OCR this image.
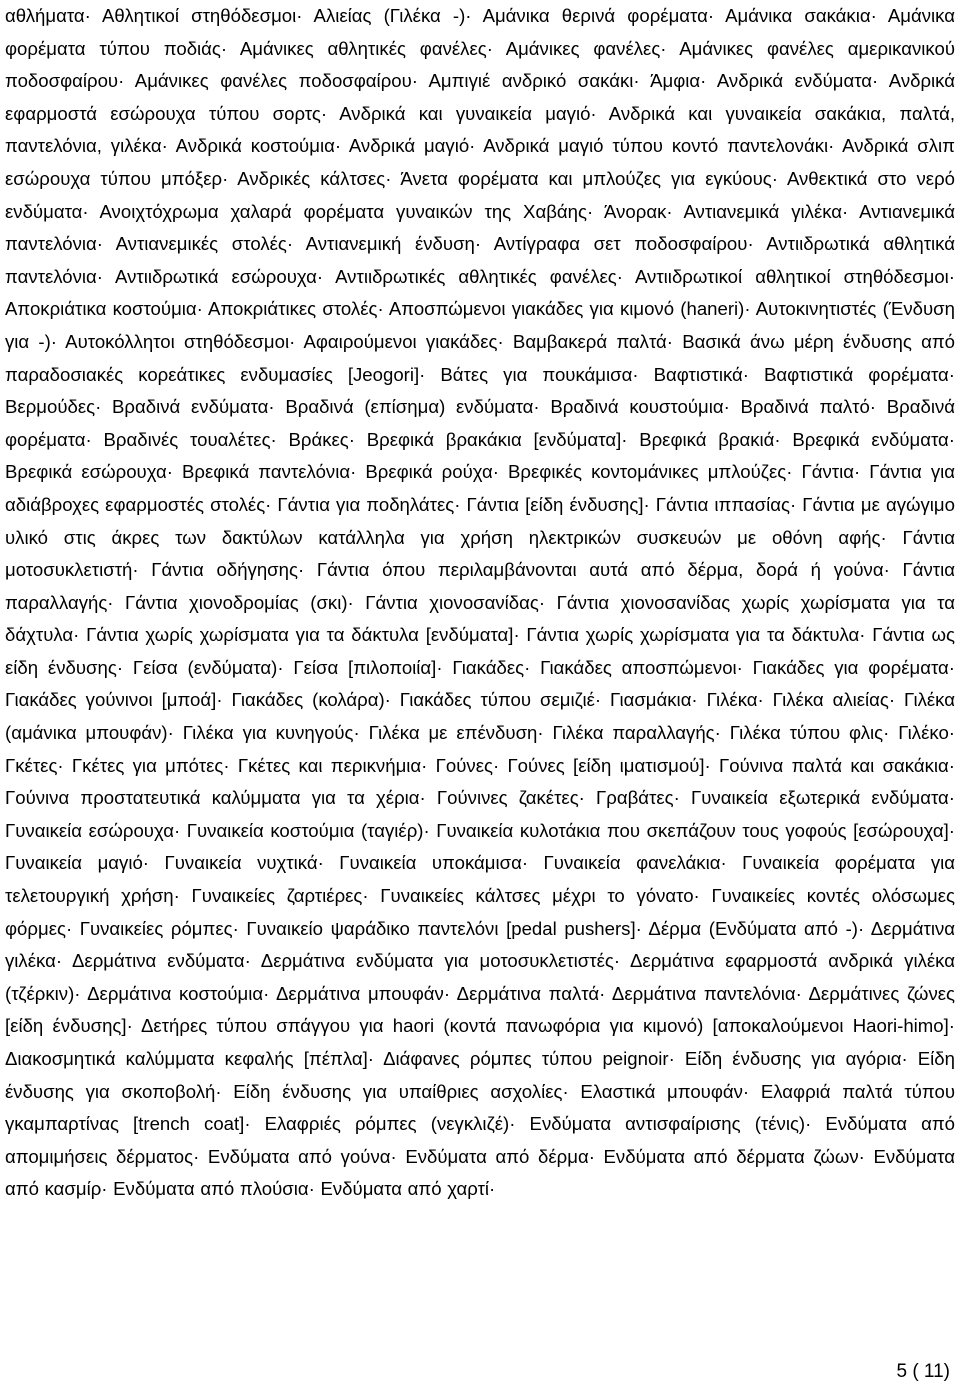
αθλήματα· Αθλητικοί στηθόδεσμοι· Αλιείας (Γιλέκα -)· Αμάνικα θερινά φορέματα· Αμάνικα σακάκια· Αμάνικα φορέματα τύπου ποδιάς· Αμάνικες αθλητικές φανέλες· Αμάνικες φανέλες· Αμάνικες φανέλες αμερικανικού ποδοσφαίρου· Αμάνικες φανέλες ποδοσφαίρου· Αμπιγιέ ανδρικό σακάκι· Άμφια· Ανδρικά ενδύματα· Ανδρικά εφαρμοστά εσώρουχα τύπου σορτς· Ανδρικά και γυναικεία μαγιό· Ανδρικά και γυναικεία σακάκια, παλτά, παντελόνια, γιλέκα· Ανδρικά κοστούμια· Ανδρικά μαγιό· Ανδρικά μαγιό τύπου κοντό παντελονάκι· Ανδρικά σλιπ εσώρουχα τύπου μπόξερ· Ανδρικές κάλτσες· Άνετα φορέματα και μπλούζες για εγκύους· Ανθεκτικά στο νερό ενδύματα· Ανοιχτόχρωμα χαλαρά φορέματα γυναικών της Χαβάης· Άνορακ· Αντιανεμικά γιλέκα· Αντιανεμικά παντελόνια· Αντιανεμικές στολές· Αντιανεμική ένδυση· Αντίγραφα σετ ποδοσφαίρου· Αντιιδρωτικά αθλητικά παντελόνια· Αντιιδρωτικά εσώρουχα· Αντιιδρωτικές αθλητικές φανέλες· Αντιιδρωτικοί αθλητικοί στηθόδεσμοι· Αποκριάτικα κοστούμια· Αποκριάτικες στολές· Αποσπώμενοι γιακάδες για κιμονό (haneri)· Αυτοκινητιστές (Ένδυση για -)· Αυτοκόλλητοι στηθόδεσμοι· Αφαιρούμενοι γιακάδες· Βαμβακερά παλτά· Βασικά άνω μέρη ένδυσης από παραδοσιακές κορεάτικες ενδυμασίες [Jeogori]· Βάτες για πουκάμισα· Βαφτιστικά· Βαφτιστικά φορέματα· Βερμούδες· Βραδινά ενδύματα· Βραδινά (επίσημα) ενδύματα· Βραδινά κουστούμια· Βραδινά παλτό· Βραδινά φορέματα· Βραδινές τουαλέτες· Βράκες· Βρεφικά βρακάκια [ενδύματα]· Βρεφικά βρακιά· Βρεφικά ενδύματα· Βρεφικά εσώρουχα· Βρεφικά παντελόνια· Βρεφικά ρούχα· Βρεφικές κοντομάνικες μπλούζες· Γάντια· Γάντια για αδιάβροχες εφαρμοστές στολές· Γάντια για ποδηλάτες· Γάντια [είδη ένδυσης]· Γάντια ιππασίας· Γάντια με αγώγιμο υλικό στις άκρες των δακτύλων κατάλληλα για χρήση ηλεκτρικών συσκευών με οθόνη αφής· Γάντια μοτοσυκλετιστή· Γάντια οδήγησης· Γάντια όπου περιλαμβάνονται αυτά από δέρμα, δορά ή γούνα· Γάντια παραλλαγής· Γάντια χιονοδρομίας (σκι)· Γάντια χιονοσανίδας· Γάντια χιονοσανίδας χωρίς χωρίσματα για τα δάχτυλα· Γάντια χωρίς χωρίσματα για τα δάκτυλα [ενδύματα]· Γάντια χωρίς χωρίσματα για τα δάκτυλα· Γάντια ως είδη ένδυσης· Γείσα (ενδύματα)· Γείσα [πιλοποιία]· Γιακάδες· Γιακάδες αποσπώμενοι· Γιακάδες για φορέματα· Γιακάδες γούνινοι [μποά]· Γιακάδες (κολάρα)· Γιακάδες τύπου σεμιζιέ· Γιασμάκια· Γιλέκα· Γιλέκα αλιείας· Γιλέκα (αμάνικα μπουφάν)· Γιλέκα για κυνηγούς· Γιλέκα με επένδυση· Γιλέκα παραλλαγής· Γιλέκα τύπου φλις· Γιλέκο· Γκέτες· Γκέτες για μπότες· Γκέτες και περικνήμια· Γούνες· Γούνες [είδη ιματισμού]· Γούνινα παλτά και σακάκια· Γούνινα προστατευτικά καλύμματα για τα χέρια· Γούνινες ζακέτες· Γραβάτες· Γυναικεία εξωτερικά ενδύματα· Γυναικεία εσώρουχα· Γυναικεία κοστούμια (ταγιέρ)· Γυναικεία κυλοτάκια που σκεπάζουν τους γοφούς [εσώρουχα]· Γυναικεία μαγιό· Γυναικεία νυχτικά· Γυναικεία υποκάμισα· Γυναικεία φανελάκια· Γυναικεία φορέματα για τελετουργική χρήση· Γυναικείες ζαρτιέρες· Γυναικείες κάλτσες μέχρι το γόνατο· Γυναικείες κοντές ολόσωμες φόρμες· Γυναικείες ρόμπες· Γυναικείο ψαράδικο παντελόνι [pedal pushers]· Δέρμα (Ενδύματα από -)· Δερμάτινα γιλέκα· Δερμάτινα ενδύματα· Δερμάτινα ενδύματα για μοτοσυκλετιστές· Δερμάτινα εφαρμοστά ανδρικά γιλέκα (τζέρκιν)· Δερμάτινα κοστούμια· Δερμάτινα μπουφάν· Δερμάτινα παλτά· Δερμάτινα παντελόνια· Δερμάτινες ζώνες [είδη ένδυσης]· Δετήρες τύπου σπάγγου για haori (κοντά πανωφόρια για κιμονό) [αποκαλούμενοι Haori-himo]· Διακοσμητικά καλύμματα κεφαλής [πέπλα]· Διάφανες ρόμπες τύπου peignoir· Είδη ένδυσης για αγόρια· Είδη ένδυσης για σκοποβολή· Είδη ένδυσης για υπαίθριες ασχολίες· Ελαστικά μπουφάν· Ελαφριά παλτά τύπου γκαμπαρτίνας [trench coat]· Ελαφριές ρόμπες (νεγκλιζέ)· Ενδύματα αντισφαίρισης (τένις)· Ενδύματα από απομιμήσεις δέρματος· Ενδύματα από γούνα· Ενδύματα από δέρμα· Ενδύματα από δέρματα ζώων· Ενδύματα από κασμίρ· Ενδύματα από πλούσια· Ενδύματα από χαρτί·

5 ( 11)
